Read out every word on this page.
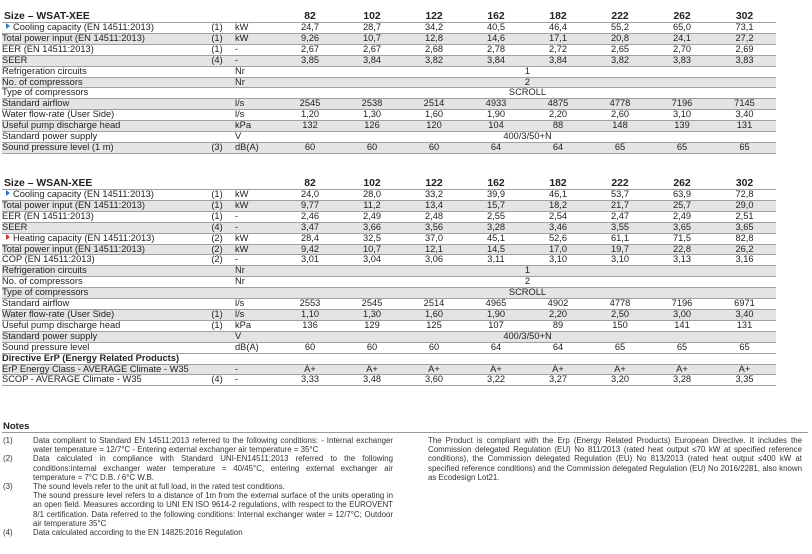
Size – WSAT-XEE			82	102	122	162	182	222	262	302
Cooling capacity (EN 14511:2013)	(1)	kW	24,7	28,7	34,2	40,5	46,4	55,2	65,0	73,1
Total power input (EN 14511:2013)	(1)	kW	9,26	10,7	12,8	14,6	17,1	20,8	24,1	27,2
EER (EN 14511:2013)	(1)	-	2,67	2,67	2,68	2,78	2,72	2,65	2,70	2,69
SEER	(4)	-	3,85	3,84	3,82	3,84	3,84	3,82	3,83	3,83
Refrigeration circuits		Nr	1							
No. of compressors		Nr	2							
Type of compressors			SCROLL							
Standard airflow		l/s	2545	2538	2514	4933	4875	4778	7196	7145
Water flow-rate (User Side)		l/s	1,20	1,30	1,60	1,90	2,20	2,60	3,10	3,40
Useful pump discharge head		kPa	132	126	120	104	88	148	139	131
Standard power supply		V	400/3/50+N							
Sound pressure level (1 m)	(3)	dB(A)	60	60	60	64	64	65	65	65
Size – WSAN-XEE			82	102	122	162	182	222	262	302
Cooling capacity (EN 14511:2013)	(1)	kW	24,0	28,0	33,2	39,9	46,1	53,7	63,9	72,8
Total power input (EN 14511:2013)	(1)	kW	9,77	11,2	13,4	15,7	18,2	21,7	25,7	29,0
EER (EN 14511:2013)	(1)	-	2,46	2,49	2,48	2,55	2,54	2,47	2,49	2,51
SEER	(4)	-	3,47	3,66	3,56	3,28	3,46	3,55	3,65	3,65
Heating capacity (EN 14511:2013)	(2)	kW	28,4	32,5	37,0	45,1	52,6	61,1	71,5	82,8
Total power input (EN 14511:2013)	(2)	kW	9,42	10,7	12,1	14,5	17,0	19,7	22,8	26,2
COP (EN 14511:2013)	(2)	-	3,01	3,04	3,06	3,11	3,10	3,10	3,13	3,16
Refrigeration circuits		Nr	1							
No. of compressors		Nr	2							
Type of compressors			SCROLL							
Standard airflow		l/s	2553	2545	2514	4965	4902	4778	7196	6971
Water flow-rate (User Side)	(1)	l/s	1,10	1,30	1,60	1,90	2,20	2,50	3,00	3,40
Useful pump discharge head	(1)	kPa	136	129	125	107	89	150	141	131
Standard power supply		V	400/3/50+N							
Sound pressure level		dB(A)	60	60	60	64	64	65	65	65
Directive ErP (Energy Related Products)										
ErP Energy Class - AVERAGE Climate - W35		-	A+	A+	A+	A+	A+	A+	A+	A+
SCOP - AVERAGE Climate - W35	(4)	-	3,33	3,48	3,60	3,22	3,27	3,20	3,28	3,35
Notes
(1)	Data compliant to Standard EN 14511:2013 referred to the following conditions: - Internal exchanger water temperature = 12/7°C - Entering external exchanger air temperature = 35°C
(2)	Data calculated in compliance with Standard UNI-EN14511:2013 referred to the following conditions:internal exchanger water temperature = 40/45°C, entering external exchanger air temperature = 7°C D.B. / 6°C W.B.
(3)	The sound levels refer to the unit at full load, in the rated test conditions.
The sound pressure level refers to a distance of 1m from the external surface of the units operating in an open field. Measures according to UNI EN ISO 9614-2 regulations, with respect to the EUROVENT 8/1 certification. Data referred to the following conditions: Internal exchanger water = 12/7°C; Outdoor air temperature 35°C
(4)	Data calculated according to the EN 14825:2016 Regulation
The Product is compliant with the Erp (Energy Related Products) European Directive. It includes the Commission delegated Regulation (EU) No 811/2013 (rated heat output ≤70 kW at specified reference conditions), the Commission delegated Regulation (EU) No 813/2013 (rated heat output ≤400 kW at specified reference conditions) and the Commission delegated Regulation (EU) No 2016/2281, also known as Ecodesign Lot21.
